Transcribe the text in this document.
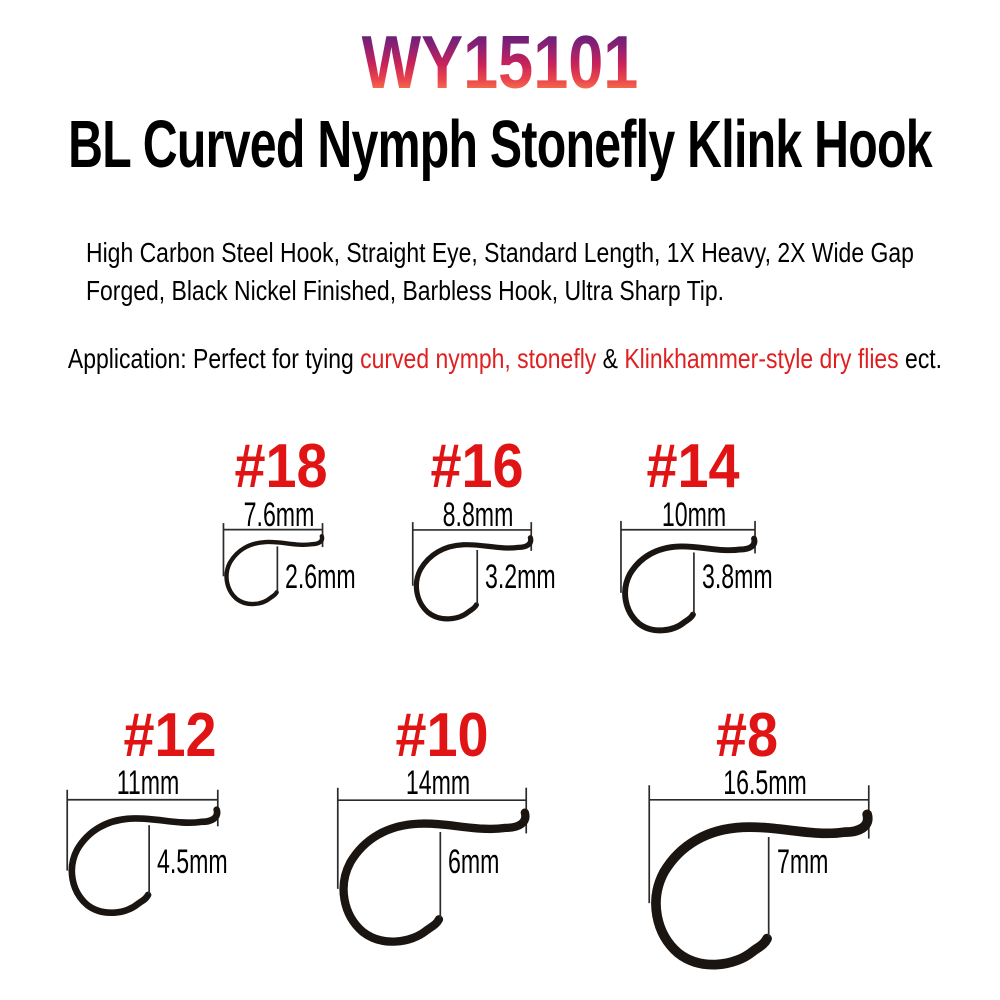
WY15101
BL Curved Nymph Stonefly Klink Hook
High Carbon Steel Hook, Straight Eye, Standard Length, 1X Heavy, 2X Wide Gap
Forged, Black Nickel Finished, Barbless Hook, Ultra Sharp Tip.
Application: Perfect for tying curved nymph, stonefly & Klinkhammer-style dry flies ect.
#18
7.6mm
2.6mm
#16
8.8mm
3.2mm
#14
10mm
3.8mm
#12
11mm
4.5mm
#10
14mm
6mm
#8
16.5mm
7mm
